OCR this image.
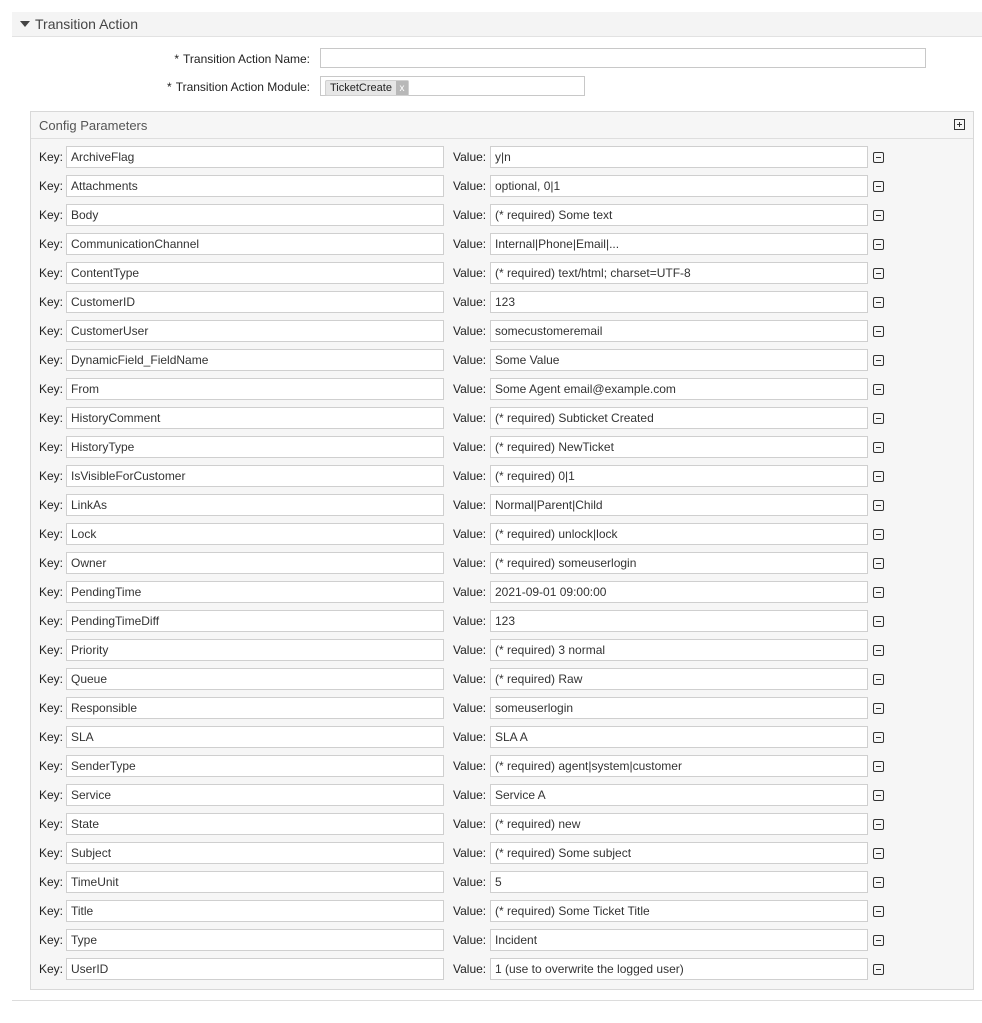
Transition Action
* Transition Action Name:
* Transition Action Module: TicketCreate x
Config Parameters
Key: ArchiveFlag	Value: y|n
Key: Attachments	Value: optional, 0|1
Key: Body	Value: (* required) Some text
Key: CommunicationChannel	Value: Internal|Phone|Email|...
Key: ContentType	Value: (* required) text/html; charset=UTF-8
Key: CustomerID	Value: 123
Key: CustomerUser	Value: somecustomeremail
Key: DynamicField_FieldName	Value: Some Value
Key: From	Value: Some Agent email@example.com
Key: HistoryComment	Value: (* required) Subticket Created
Key: HistoryType	Value: (* required) NewTicket
Key: IsVisibleForCustomer	Value: (* required) 0|1
Key: LinkAs	Value: Normal|Parent|Child
Key: Lock	Value: (* required) unlock|lock
Key: Owner	Value: (* required) someuserlogin
Key: PendingTime	Value: 2021-09-01 09:00:00
Key: PendingTimeDiff	Value: 123
Key: Priority	Value: (* required) 3 normal
Key: Queue	Value: (* required) Raw
Key: Responsible	Value: someuserlogin
Key: SLA	Value: SLA A
Key: SenderType	Value: (* required) agent|system|customer
Key: Service	Value: Service A
Key: State	Value: (* required) new
Key: Subject	Value: (* required) Some subject
Key: TimeUnit	Value: 5
Key: Title	Value: (* required) Some Ticket Title
Key: Type	Value: Incident
Key: UserID	Value: 1 (use to overwrite the logged user)
